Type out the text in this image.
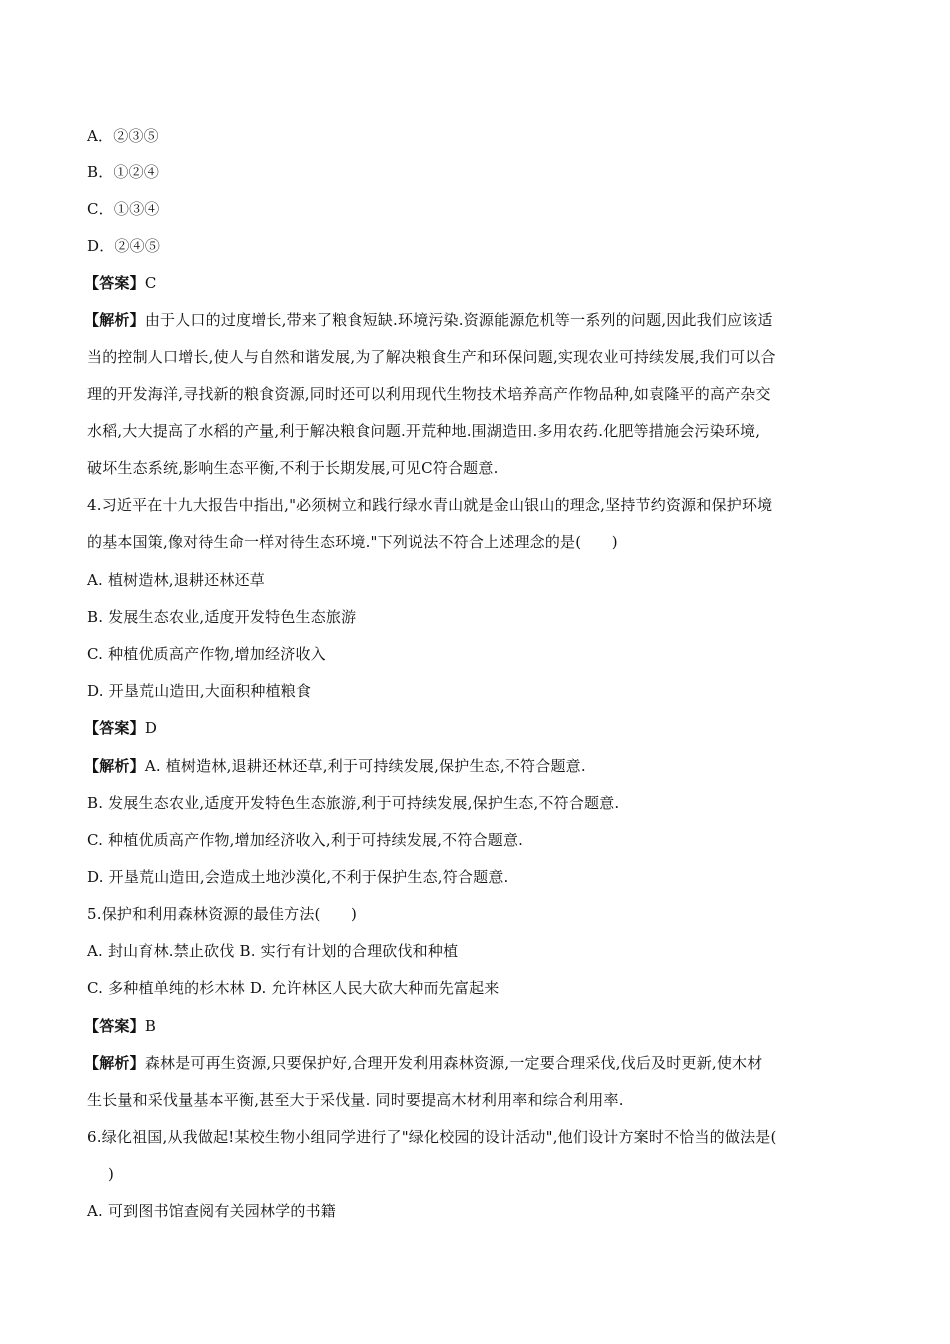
A．②③⑤
B．①②④
C．①③④
D．②④⑤
【答案】C
【解析】由于人口的过度增长,带来了粮食短缺.环境污染.资源能源危机等一系列的问题,因此我们应该适
当的控制人口增长,使人与自然和谐发展,为了解决粮食生产和环保问题,实现农业可持续发展,我们可以合
理的开发海洋,寻找新的粮食资源,同时还可以利用现代生物技术培养高产作物品种,如袁隆平的高产杂交
水稻,大大提高了水稻的产量,利于解决粮食问题.开荒种地.围湖造田.多用农药.化肥等措施会污染环境,
破坏生态系统,影响生态平衡,不利于长期发展,可见C符合题意.
4.习近平在十九大报告中指出,"必须树立和践行绿水青山就是金山银山的理念,坚持节约资源和保护环境
的基本国策,像对待生命一样对待生态环境."下列说法不符合上述理念的是(　　)
A. 植树造林,退耕还林还草
B. 发展生态农业,适度开发特色生态旅游
C. 种植优质高产作物,增加经济收入
D. 开垦荒山造田,大面积种植粮食
【答案】D
【解析】A. 植树造林,退耕还林还草,利于可持续发展,保护生态,不符合题意.
B. 发展生态农业,适度开发特色生态旅游,利于可持续发展,保护生态,不符合题意.
C. 种植优质高产作物,增加经济收入,利于可持续发展,不符合题意.
D. 开垦荒山造田,会造成土地沙漠化,不利于保护生态,符合题意.
5.保护和利用森林资源的最佳方法(　　)
A. 封山育林.禁止砍伐 B. 实行有计划的合理砍伐和种植
C. 多种植单纯的杉木林 D. 允许林区人民大砍大种而先富起来
【答案】B
【解析】森林是可再生资源,只要保护好,合理开发利用森林资源,一定要合理采伐,伐后及时更新,使木材
生长量和采伐量基本平衡,甚至大于采伐量. 同时要提高木材利用率和综合利用率.
6.绿化祖国,从我做起!某校生物小组同学进行了"绿化校园的设计活动",他们设计方案时不恰当的做法是(
)
A. 可到图书馆查阅有关园林学的书籍
